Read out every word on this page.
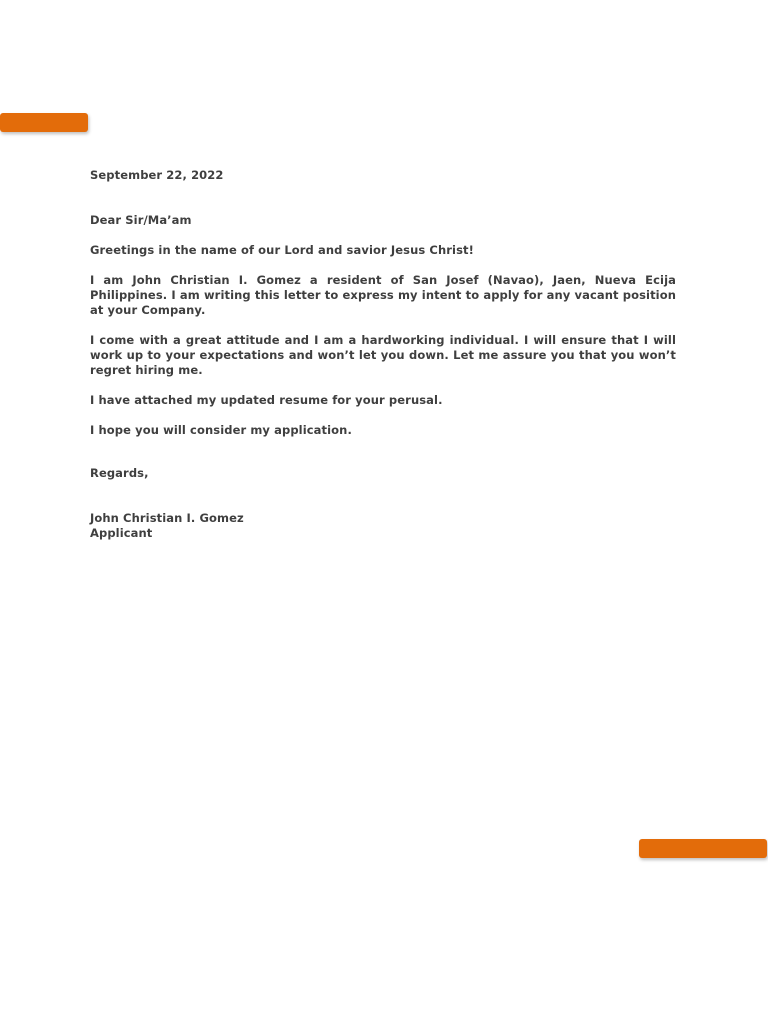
September 22, 2022

Dear Sir/Ma’am

Greetings in the name of our Lord and savior Jesus Christ!

I am John Christian I. Gomez a resident of San Josef (Navao), Jaen, Nueva Ecija Philippines. I am writing this letter to express my intent to apply for any vacant position at your Company.

I come with a great attitude and I am a hardworking individual. I will ensure that I will work up to your expectations and won’t let you down. Let me assure you that you won’t regret hiring me.

I have attached my updated resume for your perusal.

I hope you will consider my application.

Regards,

John Christian I. Gomez

Applicant
